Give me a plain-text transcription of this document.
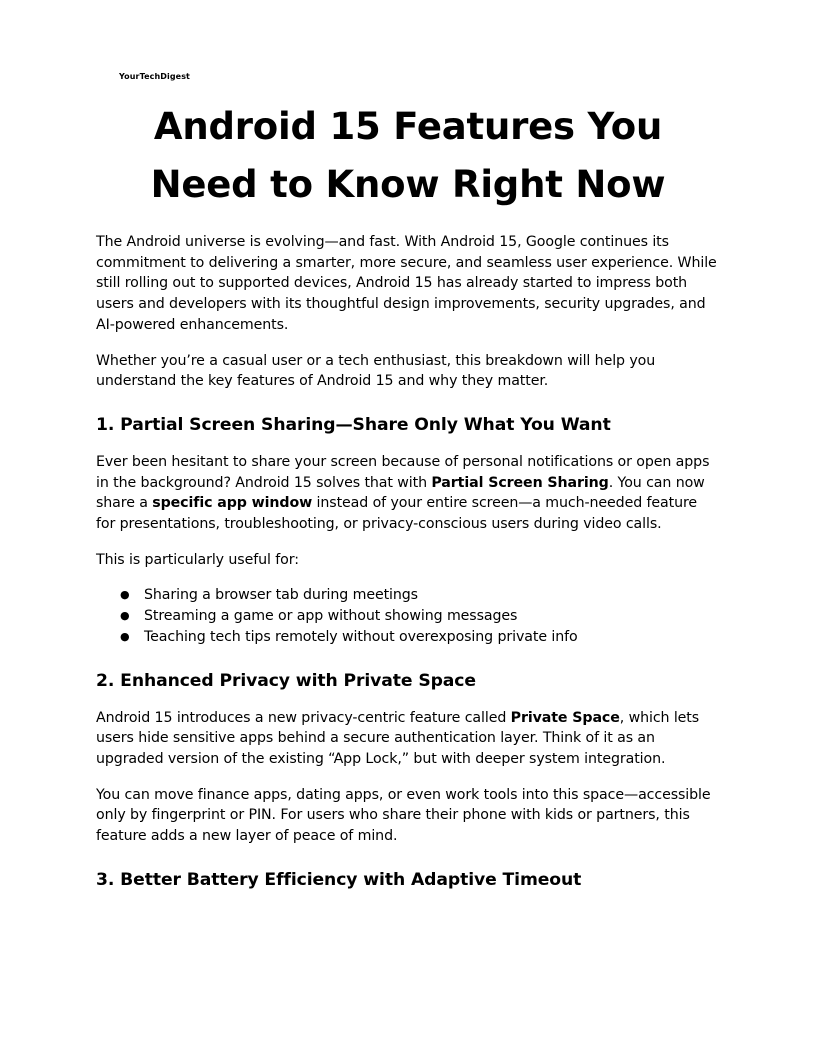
YourTechDigest
Android 15 Features You
Need to Know Right Now

The Android universe is evolving—and fast. With Android 15, Google continues its commitment to delivering a smarter, more secure, and seamless user experience. While still rolling out to supported devices, Android 15 has already started to impress both users and developers with its thoughtful design improvements, security upgrades, and AI-powered enhancements.

Whether you’re a casual user or a tech enthusiast, this breakdown will help you understand the key features of Android 15 and why they matter.

1. Partial Screen Sharing—Share Only What You Want

Ever been hesitant to share your screen because of personal notifications or open apps in the background? Android 15 solves that with Partial Screen Sharing. You can now share a specific app window instead of your entire screen—a much-needed feature for presentations, troubleshooting, or privacy-conscious users during video calls.

This is particularly useful for:

● Sharing a browser tab during meetings
● Streaming a game or app without showing messages
● Teaching tech tips remotely without overexposing private info
2. Enhanced Privacy with Private Space

Android 15 introduces a new privacy-centric feature called Private Space, which lets users hide sensitive apps behind a secure authentication layer. Think of it as an upgraded version of the existing “App Lock,” but with deeper system integration.

You can move finance apps, dating apps, or even work tools into this space—accessible only by fingerprint or PIN. For users who share their phone with kids or partners, this feature adds a new layer of peace of mind.

3. Better Battery Efficiency with Adaptive Timeout
